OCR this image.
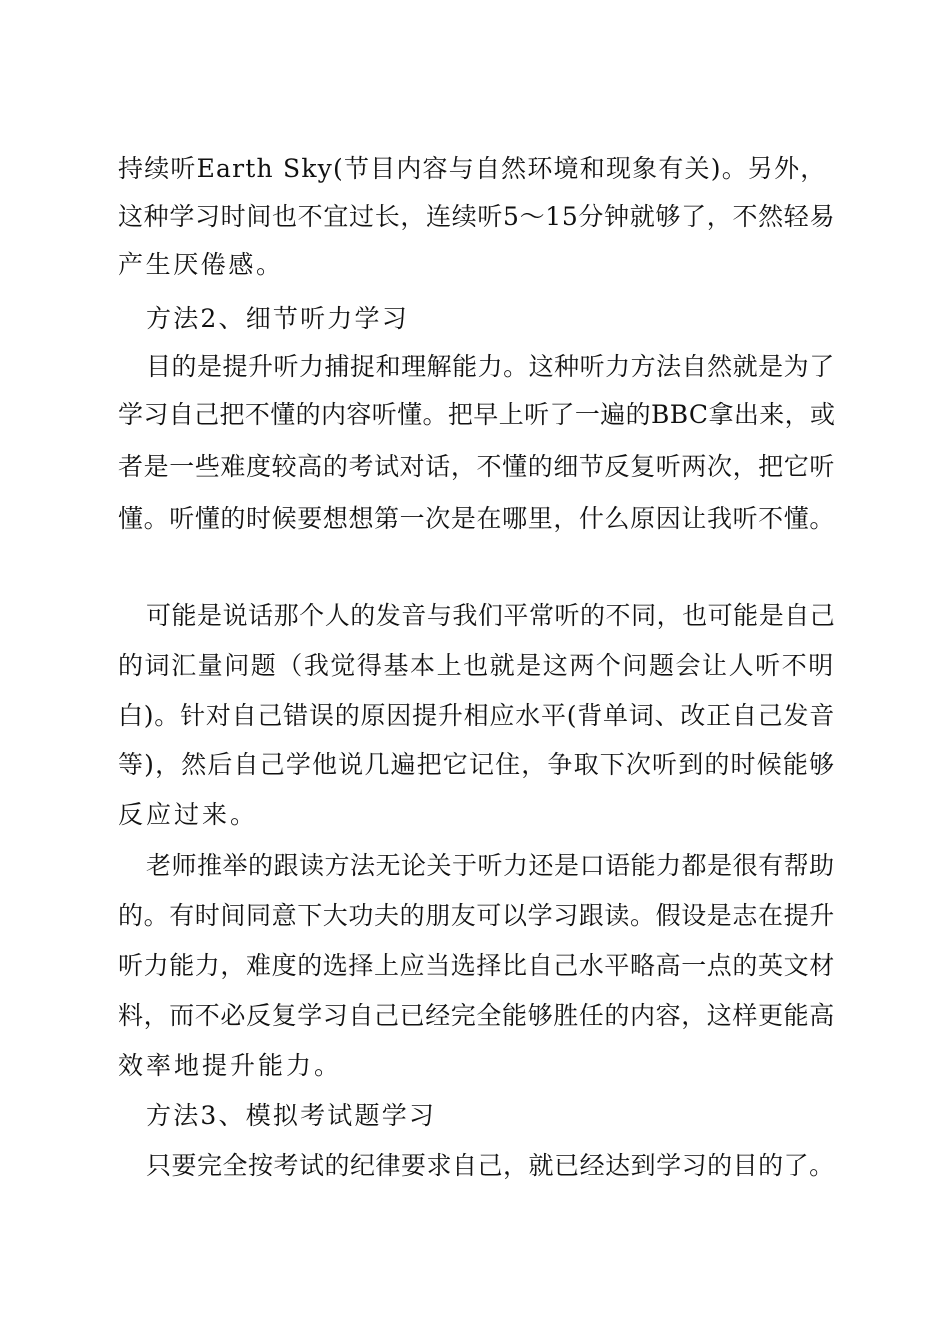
持续听Earth Sky(节目内容与自然环境和现象有关)。另外，
这种学习时间也不宜过长，连续听5～15分钟就够了，不然轻易
产生厌倦感。
方法2、细节听力学习
目的是提升听力捕捉和理解能力。这种听力方法自然就是为了
学习自己把不懂的内容听懂。把早上听了一遍的BBC拿出来，或
者是一些难度较高的考试对话，不懂的细节反复听两次，把它听
懂。听懂的时候要想想第一次是在哪里，什么原因让我听不懂。
可能是说话那个人的发音与我们平常听的不同，也可能是自己
的词汇量问题（我觉得基本上也就是这两个问题会让人听不明
白)。针对自己错误的原因提升相应水平(背单词、改正自己发音
等)，然后自己学他说几遍把它记住，争取下次听到的时候能够
反应过来。
老师推举的跟读方法无论关于听力还是口语能力都是很有帮助
的。有时间同意下大功夫的朋友可以学习跟读。假设是志在提升
听力能力，难度的选择上应当选择比自己水平略高一点的英文材
料，而不必反复学习自己已经完全能够胜任的内容，这样更能高
效率地提升能力。
方法3、模拟考试题学习
只要完全按考试的纪律要求自己，就已经达到学习的目的了。
